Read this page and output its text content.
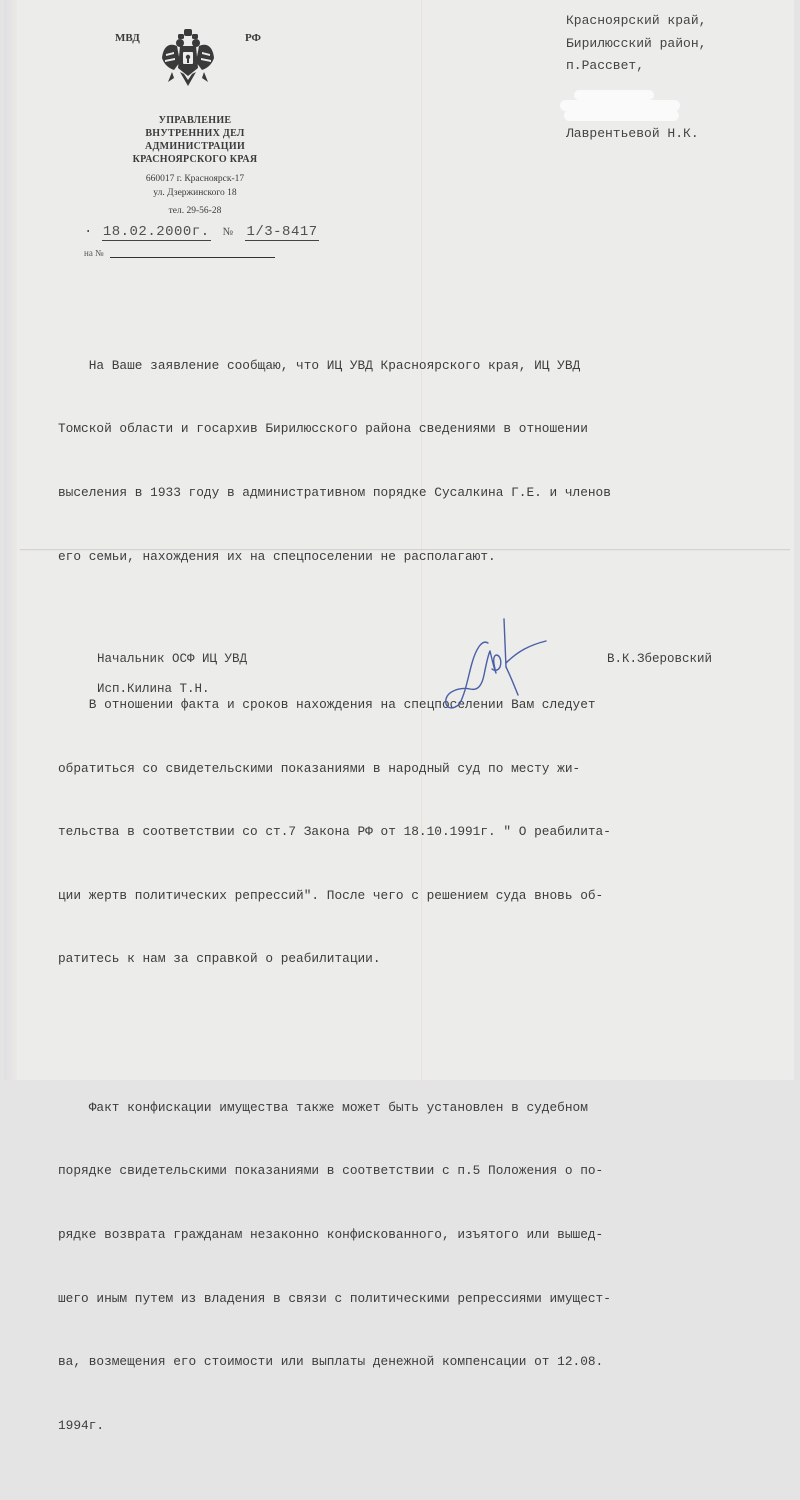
МВД	РФ
УПРАВЛЕНИЕ
ВНУТРЕННИХ ДЕЛ
АДМИНИСТРАЦИИ
КРАСНОЯРСКОГО КРАЯ
660017 г. Красноярск-17
ул. Дзержинского 18
тел. 29-56-28
· 18.02.2000г. № 1/3-8417
на №
Красноярский край,
Бирилюсский район,
п.Рассвет,
Лаврентьевой Н.К.

На Ваше заявление сообщаю, что ИЦ УВД Красноярского края, ИЦ УВД

Томской области и госархив Бирилюсского района сведениями в отношении

выселения в 1933 году в административном порядке Сусалкина Г.Е. и членов

его семьи, нахождения их на спецпоселении не располагают.

В отношении факта и сроков нахождения на спецпоселении Вам следует

обратиться со свидетельскими показаниями в народный суд по месту жи-

тельства в соответствии со ст.7 Закона РФ от 18.10.1991г. " О реабилита-

ции жертв политических репрессий". После чего с решением суда вновь об-

ратитесь к нам за справкой о реабилитации.

Факт конфискации имущества также может быть установлен в судебном

порядке свидетельскими показаниями в соответствии с п.5 Положения о по-

рядке возврата гражданам незаконно конфискованного, изъятого или вышед-

шего иным путем из владения в связи с политическими репрессиями имущест-

ва, возмещения его стоимости или выплаты денежной компенсации от 12.08.

1994г.

Начальник ОСФ ИЦ УВД
Исп.Килина Т.Н.
В.К.Зберовский
